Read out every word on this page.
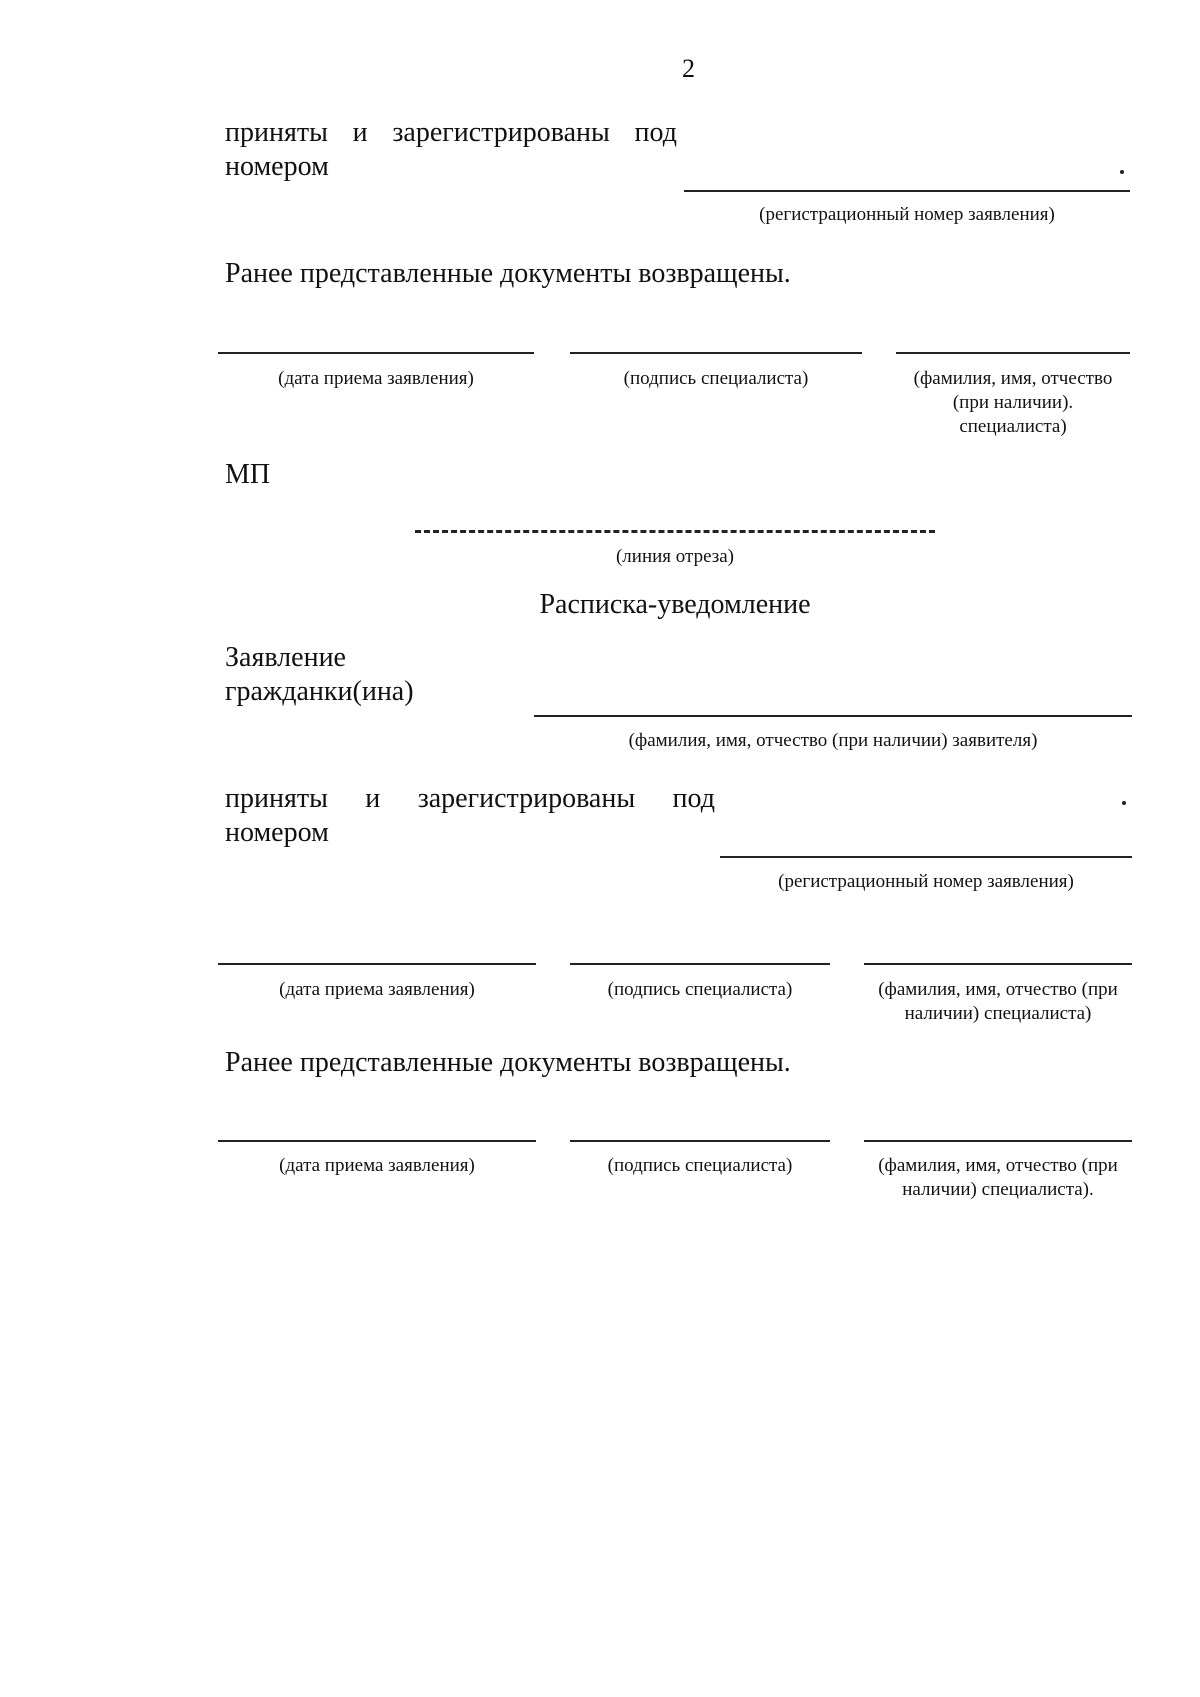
2
приняты и зарегистрированы под
номером
(регистрационный номер заявления)
Ранее представленные документы возвращены.
(дата приема заявления)	(подпись специалиста)	(фамилия, имя, отчество
(при наличии).
специалиста)
МП
(линия отреза)
Расписка-уведомление
Заявление
гражданки(ина)
(фамилия, имя, отчество (при наличии) заявителя)
приняты и зарегистрированы под
номером
(регистрационный номер заявления)
(дата приема заявления)	(подпись специалиста)	(фамилия, имя, отчество (при
наличии) специалиста)
Ранее представленные документы возвращены.
(дата приема заявления)	(подпись специалиста)	(фамилия, имя, отчество (при
наличии) специалиста).
